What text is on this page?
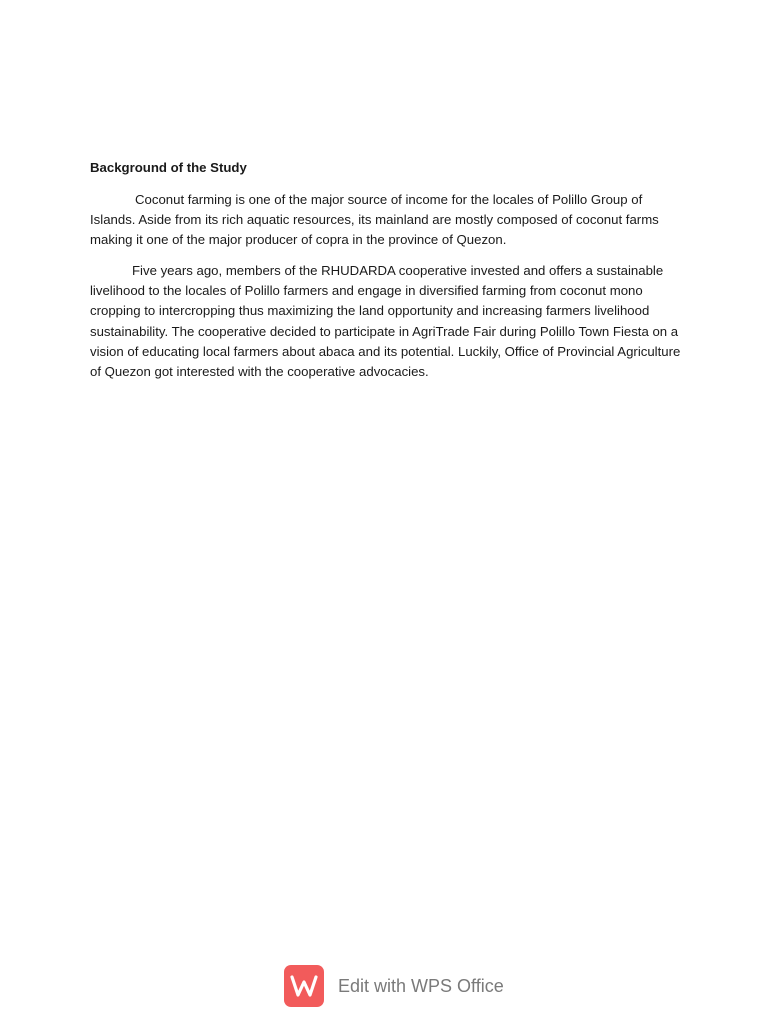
Background of the Study

Coconut farming is one of the major source of income for the locales of Polillo Group of Islands. Aside from its rich aquatic resources, its mainland are mostly composed of coconut farms making it one of the major producer of copra in the province of Quezon.

Five years ago, members of the RHUDARDA cooperative invested and offers a sustainable livelihood to the locales of Polillo farmers and engage in diversified farming from coconut mono cropping to intercropping thus maximizing the land opportunity and increasing farmers livelihood sustainability. The cooperative decided to participate in AgriTrade Fair during Polillo Town Fiesta on a vision of educating local farmers about abaca and its potential. Luckily, Office of Provincial Agriculture of Quezon got interested with the cooperative advocacies.

Edit with WPS Office
